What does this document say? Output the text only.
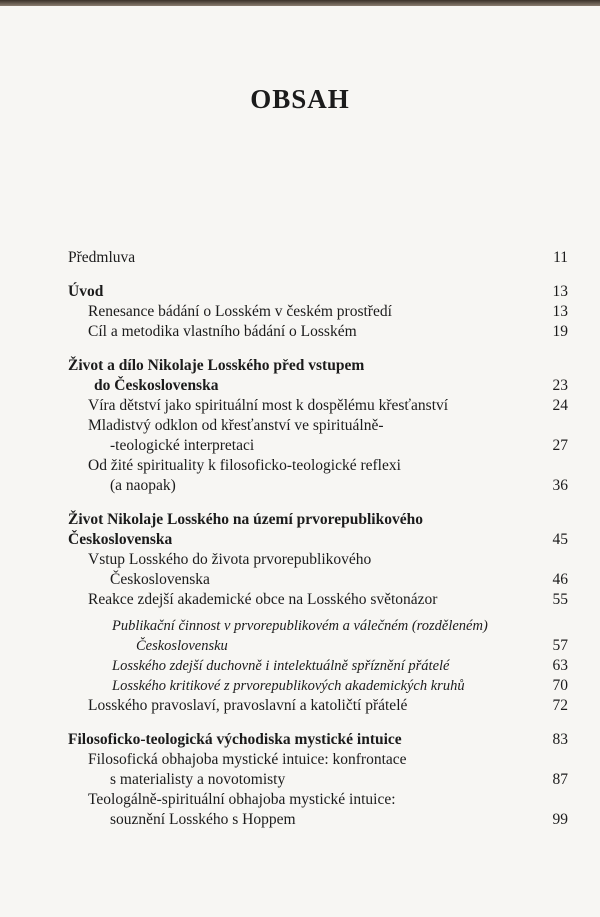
OBSAH
Předmluva	11
Úvod	13
Renesance bádání o Losském v českém prostředí	13
Cíl a metodika vlastního bádání o Losském	19
Život a dílo Nikolaje Losského před vstupem
do Československa	23
Víra dětství jako spirituální most k dospělému křesťanství	24
Mladistvý odklon od křesťanství ve spirituálně-
-teologické interpretaci	27
Od žité spirituality k filosoficko-teologické reflexi
(a naopak)	36
Život Nikolaje Losského na území prvorepublikového
Československa	45
Vstup Losského do života prvorepublikového
Československa	46
Reakce zdejší akademické obce na Losského světonázor	55
Publikační činnost v prvorepublikovém a válečném (rozděleném)
Československu	57
Losského zdejší duchovně i intelektuálně spříznění přátelé	63
Losského kritikové z prvorepublikových akademických kruhů	70
Losského pravoslaví, pravoslavní a katoličtí přátelé	72
Filosoficko-teologická východiska mystické intuice	83
Filosofická obhajoba mystické intuice: konfrontace
s materialisty a novotomisty	87
Teologálně-spirituální obhajoba mystické intuice:
souznění Losského s Hoppem	99
